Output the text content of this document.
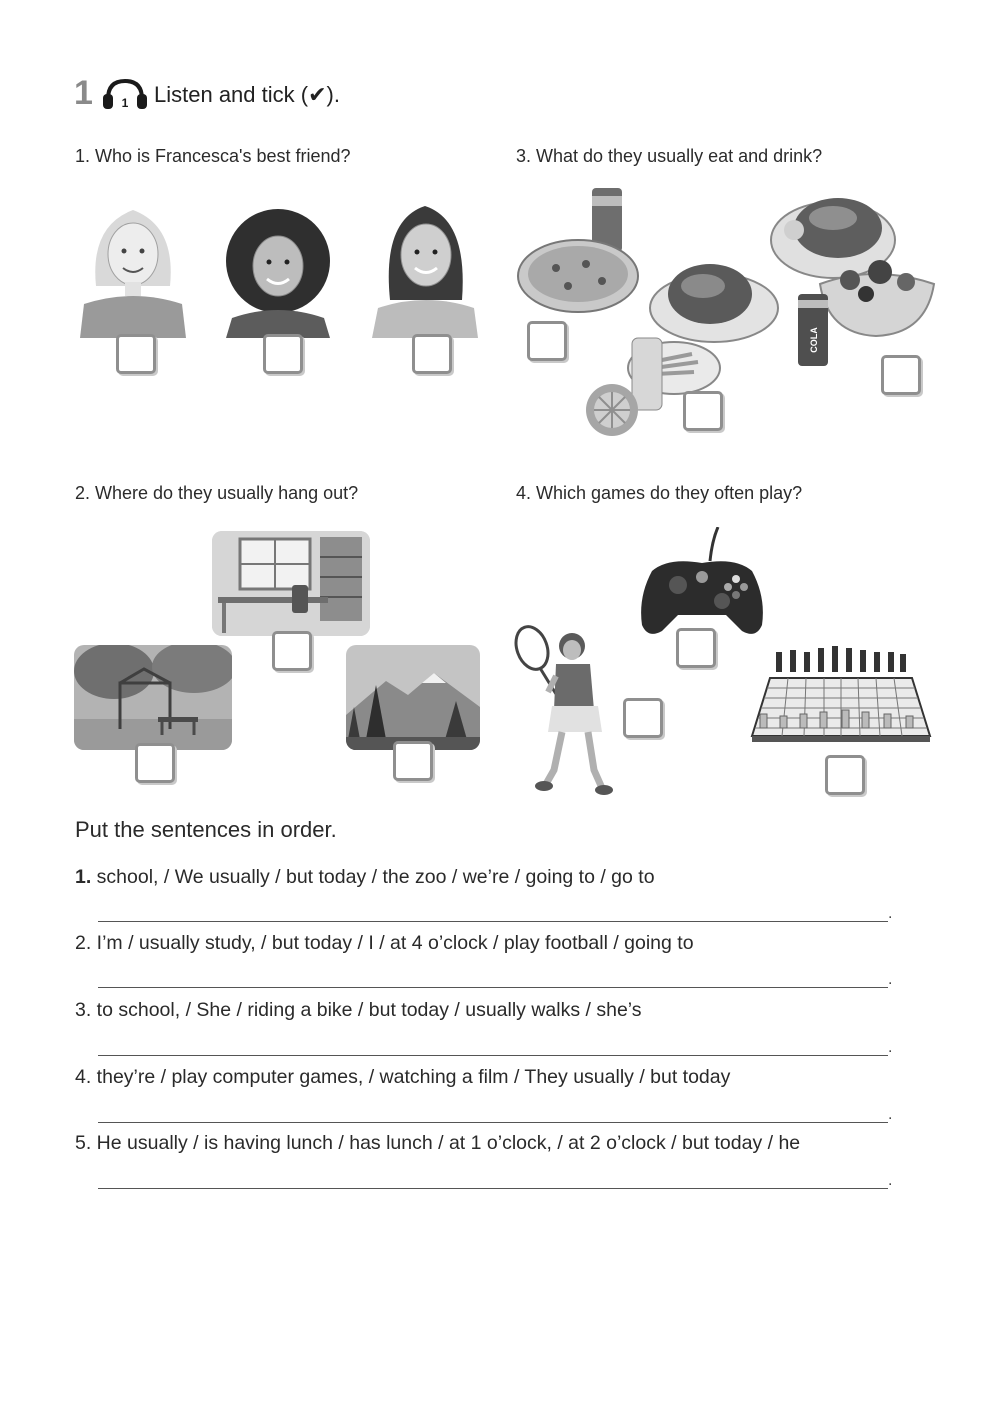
1 1 Listen and tick (✔).
1. Who is Francesca's best friend?	3. What do they usually eat and drink?
COLA
2. Where do they usually hang out?	4. Which games do they often play?
Put the sentences in order.
1. school, / We usually / but today / the zoo / we’re / going to / go to
.
2. I’m / usually study, / but today / I / at 4 o’clock / play football / going to
.
3. to school, / She / riding a bike / but today / usually walks / she’s
.
4. they’re / play computer games, / watching a film / They usually / but today
.
5. He usually / is having lunch / has lunch / at 1 o’clock, / at 2 o’clock / but today / he
.
